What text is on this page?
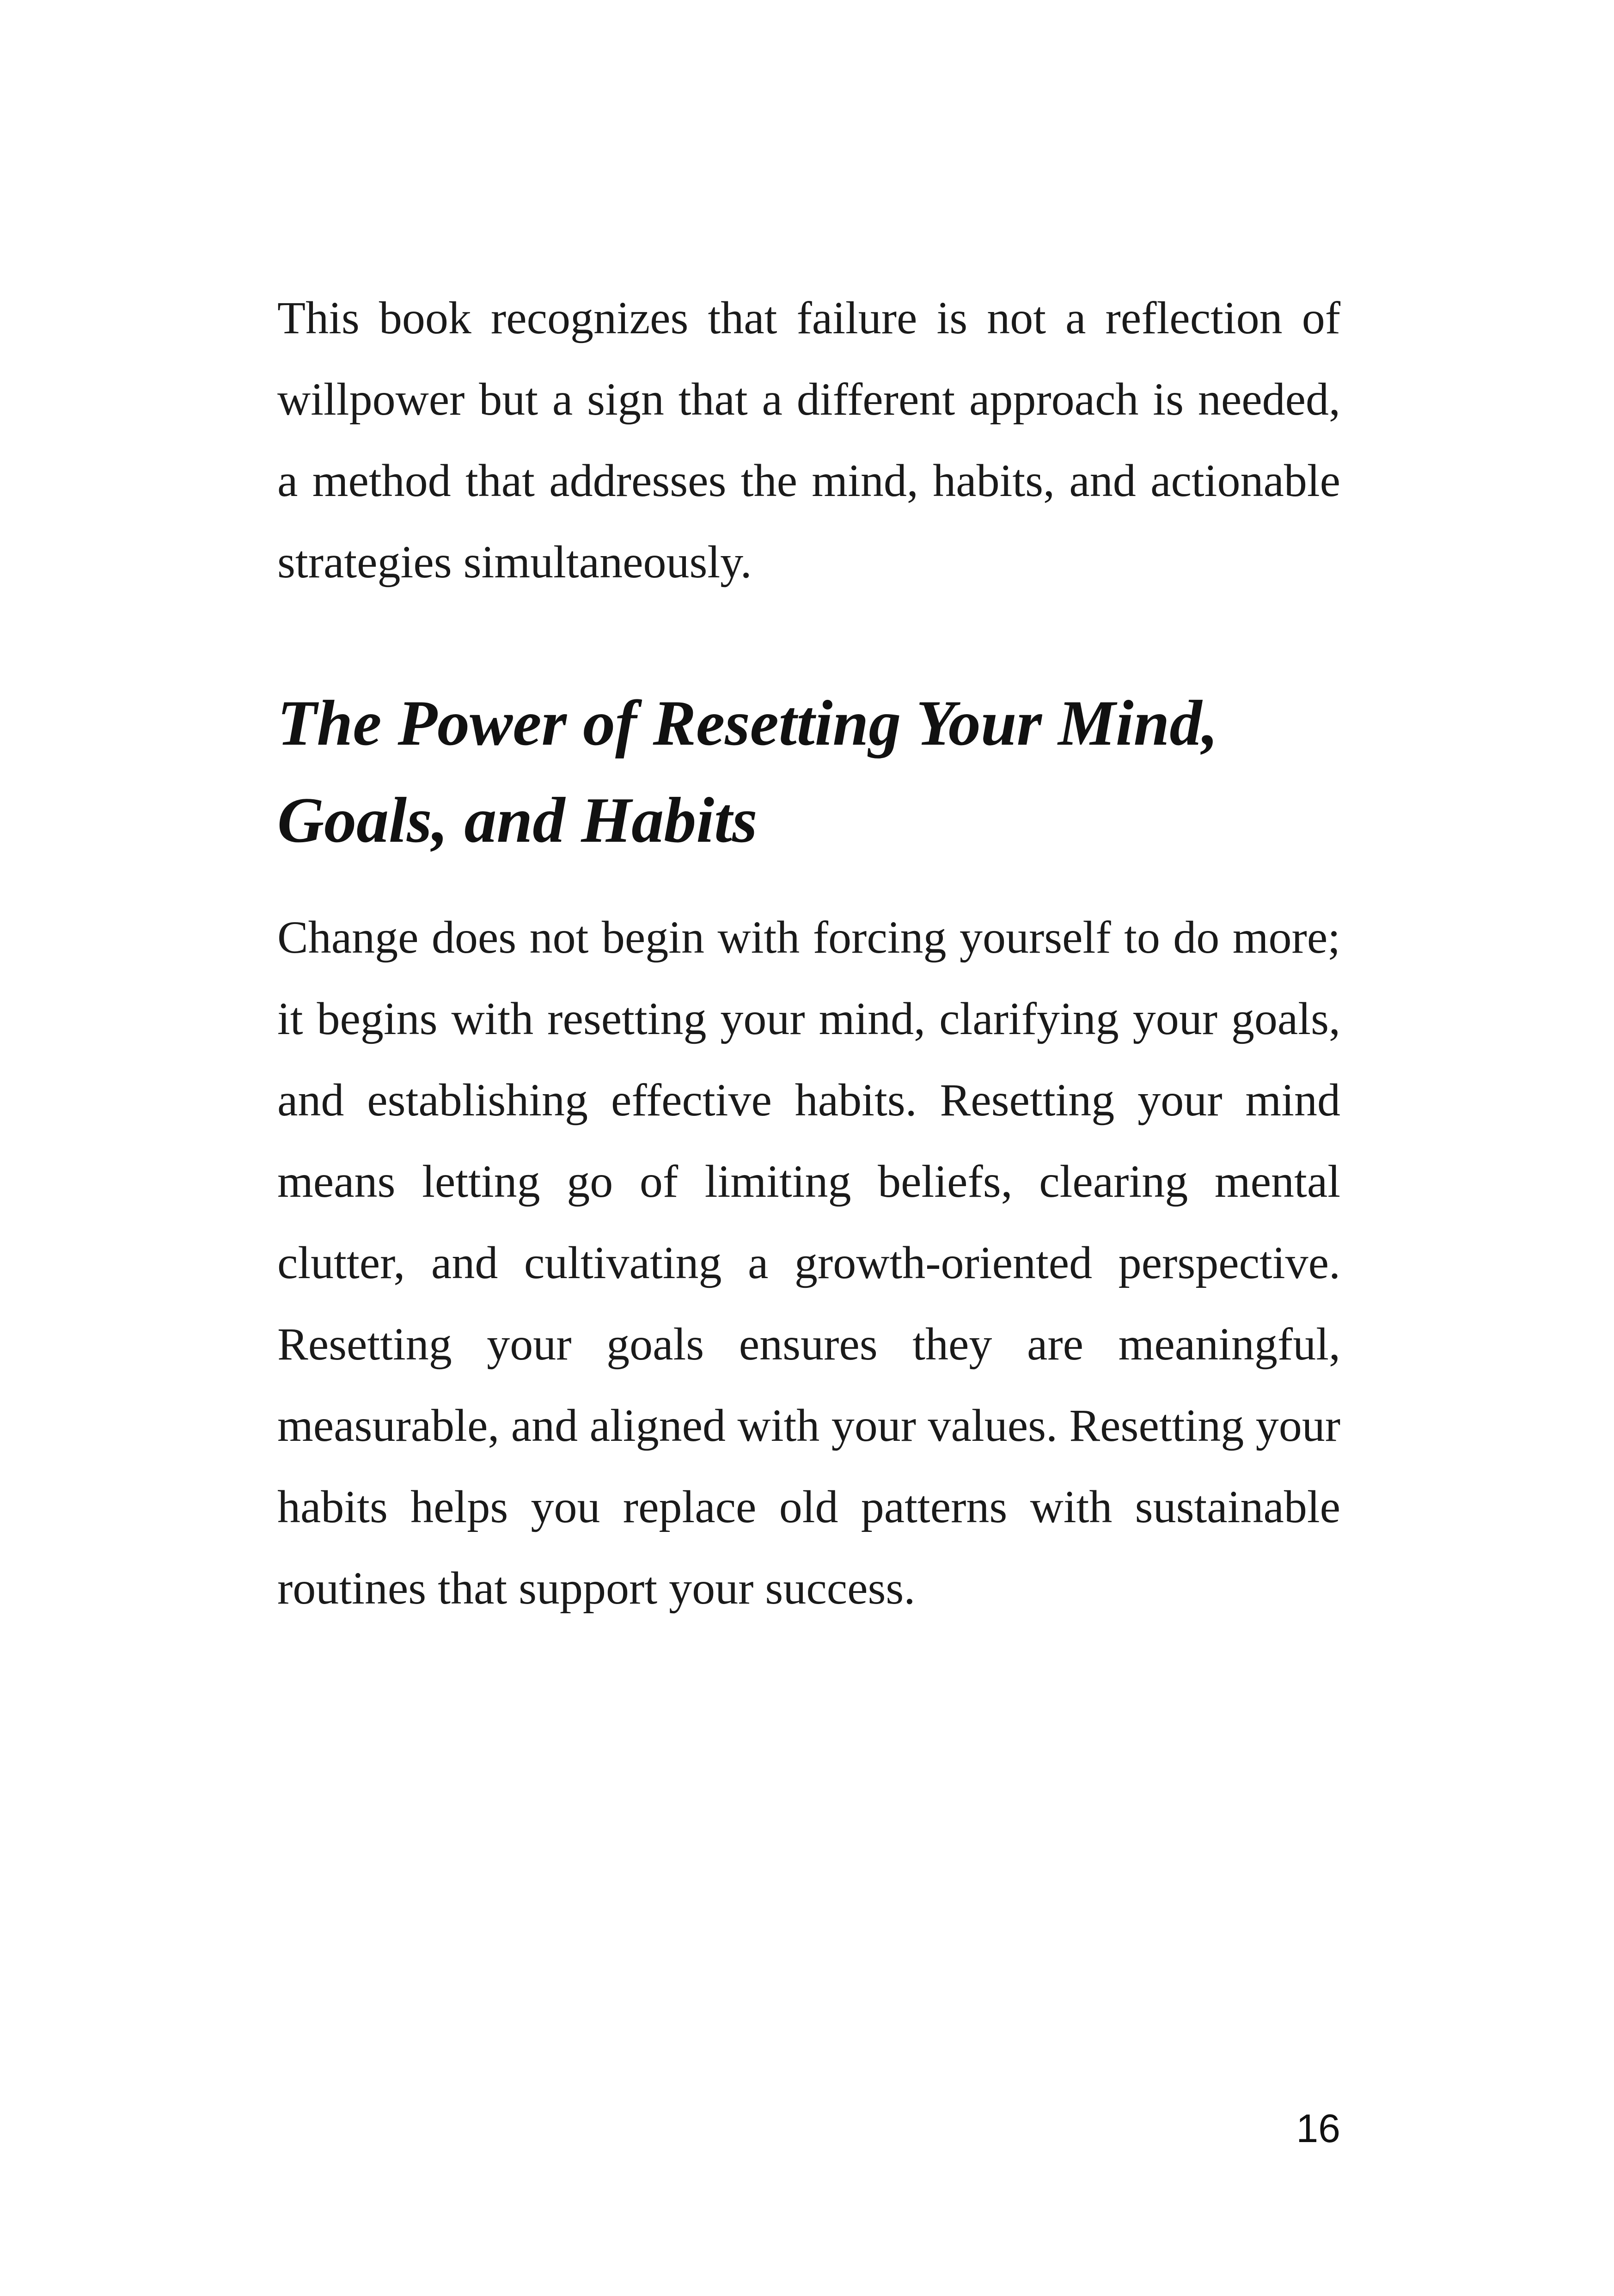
This book recognizes that failure is not a reflection of willpower but a sign that a different approach is needed, a method that addresses the mind, habits, and actionable strategies simultaneously.

The Power of Resetting Your Mind, Goals, and Habits

Change does not begin with forcing yourself to do more; it begins with resetting your mind, clarifying your goals, and establishing effective habits. Resetting your mind means letting go of limiting beliefs, clearing mental clutter, and cultivating a growth-oriented perspective. Resetting your goals ensures they are meaningful, measurable, and aligned with your values. Resetting your habits helps you replace old patterns with sustainable routines that support your success.

16
